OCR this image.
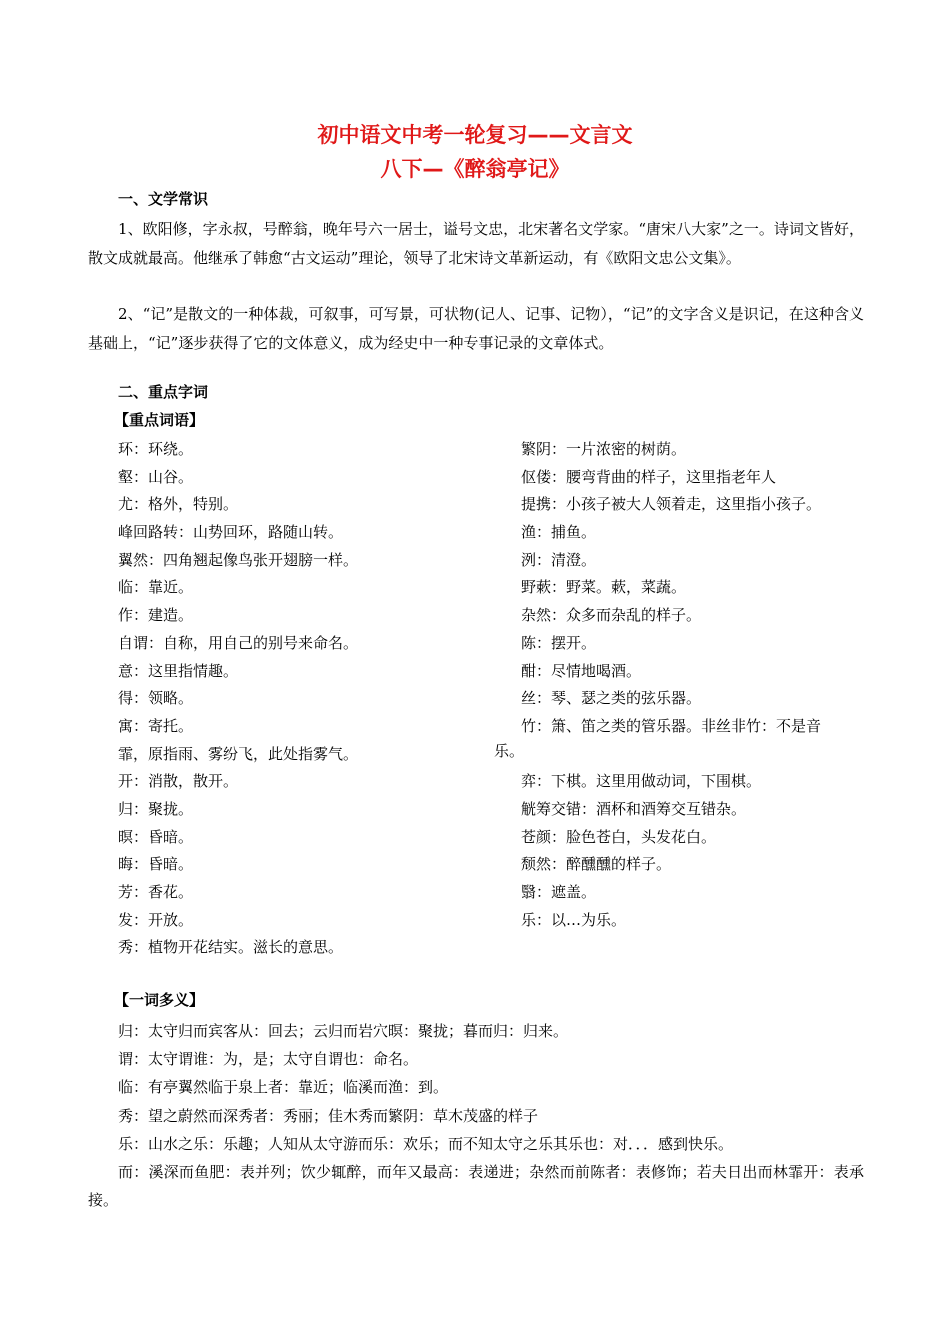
初中语文中考一轮复习——文言文
八下—《醉翁亭记》
一、文学常识

1、欧阳修，字永叔，号醉翁，晚年号六一居士，谥号文忠，北宋著名文学家。“唐宋八大家”之一。诗词文皆好，散文成就最高。他继承了韩愈“古文运动”理论，领导了北宋诗文革新运动，有《欧阳文忠公文集》。

2、“记”是散文的一种体裁，可叙事，可写景，可状物(记人、记事、记物），“记”的文字含义是识记，在这种含义基础上，“记”逐步获得了它的文体意义，成为经史中一种专事记录的文章体式。

二、重点字词
【重点词语】
环：环绕。
壑：山谷。
尤：格外，特别。
峰回路转：山势回环，路随山转。
翼然：四角翘起像鸟张开翅膀一样。
临：靠近。
作：建造。
自谓：自称，用自己的别号来命名。
意：这里指情趣。
得：领略。
寓：寄托。
霏，原指雨、雾纷飞，此处指雾气。
开：消散，散开。
归：聚拢。
暝：昏暗。
晦：昏暗。
芳：香花。
发：开放。
秀：植物开花结实。滋长的意思。
繁阴：一片浓密的树荫。
伛偻：腰弯背曲的样子，这里指老年人
提携：小孩子被大人领着走，这里指小孩子。
渔：捕鱼。
洌：清澄。
野蔌：野菜。蔌，菜蔬。
杂然：众多而杂乱的样子。
陈：摆开。
酣：尽情地喝酒。
丝：琴、瑟之类的弦乐器。
竹：箫、笛之类的管乐器。非丝非竹：不是音
弈：下棋。这里用做动词，下围棋。
觥筹交错：酒杯和酒筹交互错杂。
苍颜：脸色苍白，头发花白。
颓然：醉醺醺的样子。
翳：遮盖。
乐：以…为乐。
乐。
【一词多义】
归：太守归而宾客从：回去；云归而岩穴暝：聚拢；暮而归：归来。
谓：太守谓谁：为，是；太守自谓也：命名。
临：有亭翼然临于泉上者：靠近；临溪而渔：到。
秀：望之蔚然而深秀者：秀丽；佳木秀而繁阴：草木茂盛的样子
乐：山水之乐：乐趣；人知从太守游而乐：欢乐；而不知太守之乐其乐也：对．．．感到快乐。
而：溪深而鱼肥：表并列；饮少辄醉，而年又最高：表递进；杂然而前陈者：表修饰；若夫日出而林霏开：表承接。
